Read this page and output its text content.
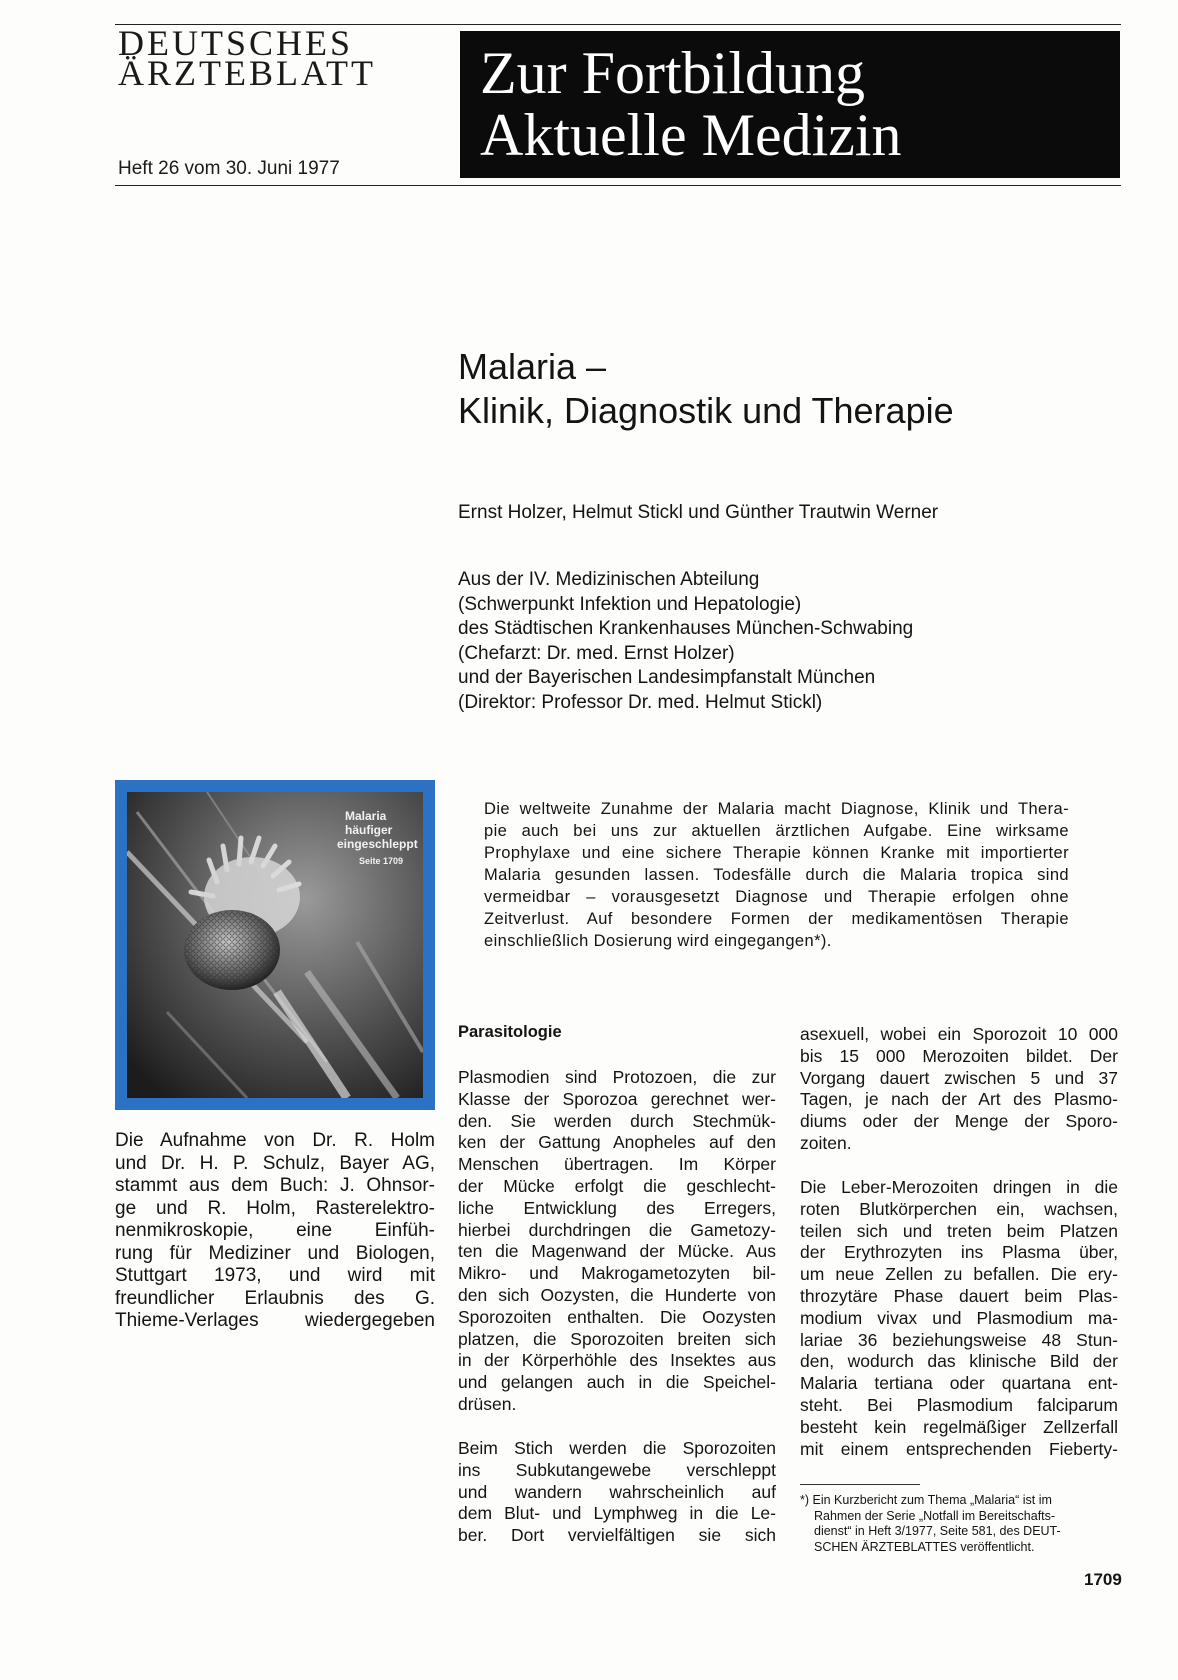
DEUTSCHES
ÄRZTEBLATT
Heft 26 vom 30. Juni 1977
Zur Fortbildung
Aktuelle Medizin
Malaria –
Klinik, Diagnostik und Therapie
Ernst Holzer, Helmut Stickl und Günther Trautwin Werner
Aus der IV. Medizinischen Abteilung
(Schwerpunkt Infektion und Hepatologie)
des Städtischen Krankenhauses München-Schwabing
(Chefarzt: Dr. med. Ernst Holzer)
und der Bayerischen Landesimpfanstalt München
(Direktor: Professor Dr. med. Helmut Stickl)
Malaria
häufiger
eingeschleppt
Seite 1709
Die Aufnahme von Dr. R. Holm
und Dr. H. P. Schulz, Bayer AG,
stammt aus dem Buch: J. Ohnsor-
ge und R. Holm, Rasterelektro-
nenmikroskopie, eine Einfüh-
rung für Mediziner und Biologen,
Stuttgart 1973, und wird mit
freundlicher Erlaubnis des G.
Thieme-Verlages wiedergegeben
Die weltweite Zunahme der Malaria macht Diagnose, Klinik und Thera-
pie auch bei uns zur aktuellen ärztlichen Aufgabe. Eine wirksame
Prophylaxe und eine sichere Therapie können Kranke mit importierter
Malaria gesunden lassen. Todesfälle durch die Malaria tropica sind
vermeidbar – vorausgesetzt Diagnose und Therapie erfolgen ohne
Zeitverlust. Auf besondere Formen der medikamentösen Therapie
einschließlich Dosierung wird eingegangen*).
Parasitologie
Plasmodien sind Protozoen, die zur
Klasse der Sporozoa gerechnet wer-
den. Sie werden durch Stechmük-
ken der Gattung Anopheles auf den
Menschen übertragen. Im Körper
der Mücke erfolgt die geschlecht-
liche Entwicklung des Erregers,
hierbei durchdringen die Gametozy-
ten die Magenwand der Mücke. Aus
Mikro- und Makrogametozyten bil-
den sich Oozysten, die Hunderte von
Sporozoiten enthalten. Die Oozysten
platzen, die Sporozoiten breiten sich
in der Körperhöhle des Insektes aus
und gelangen auch in die Speichel-
drüsen.
Beim Stich werden die Sporozoiten
ins Subkutangewebe verschleppt
und wandern wahrscheinlich auf
dem Blut- und Lymphweg in die Le-
ber. Dort vervielfältigen sie sich
asexuell, wobei ein Sporozoit 10 000
bis 15 000 Merozoiten bildet. Der
Vorgang dauert zwischen 5 und 37
Tagen, je nach der Art des Plasmo-
diums oder der Menge der Sporo-
zoiten.
Die Leber-Merozoiten dringen in die
roten Blutkörperchen ein, wachsen,
teilen sich und treten beim Platzen
der Erythrozyten ins Plasma über,
um neue Zellen zu befallen. Die ery-
throzytäre Phase dauert beim Plas-
modium vivax und Plasmodium ma-
lariae 36 beziehungsweise 48 Stun-
den, wodurch das klinische Bild der
Malaria tertiana oder quartana ent-
steht. Bei Plasmodium falciparum
besteht kein regelmäßiger Zellzerfall
mit einem entsprechenden Fieberty-
*) Ein Kurzbericht zum Thema „Malaria“ ist im
Rahmen der Serie „Notfall im Bereitschafts-
dienst“ in Heft 3/1977, Seite 581, des DEUT-
SCHEN ÄRZTEBLATTES veröffentlicht.
1709
